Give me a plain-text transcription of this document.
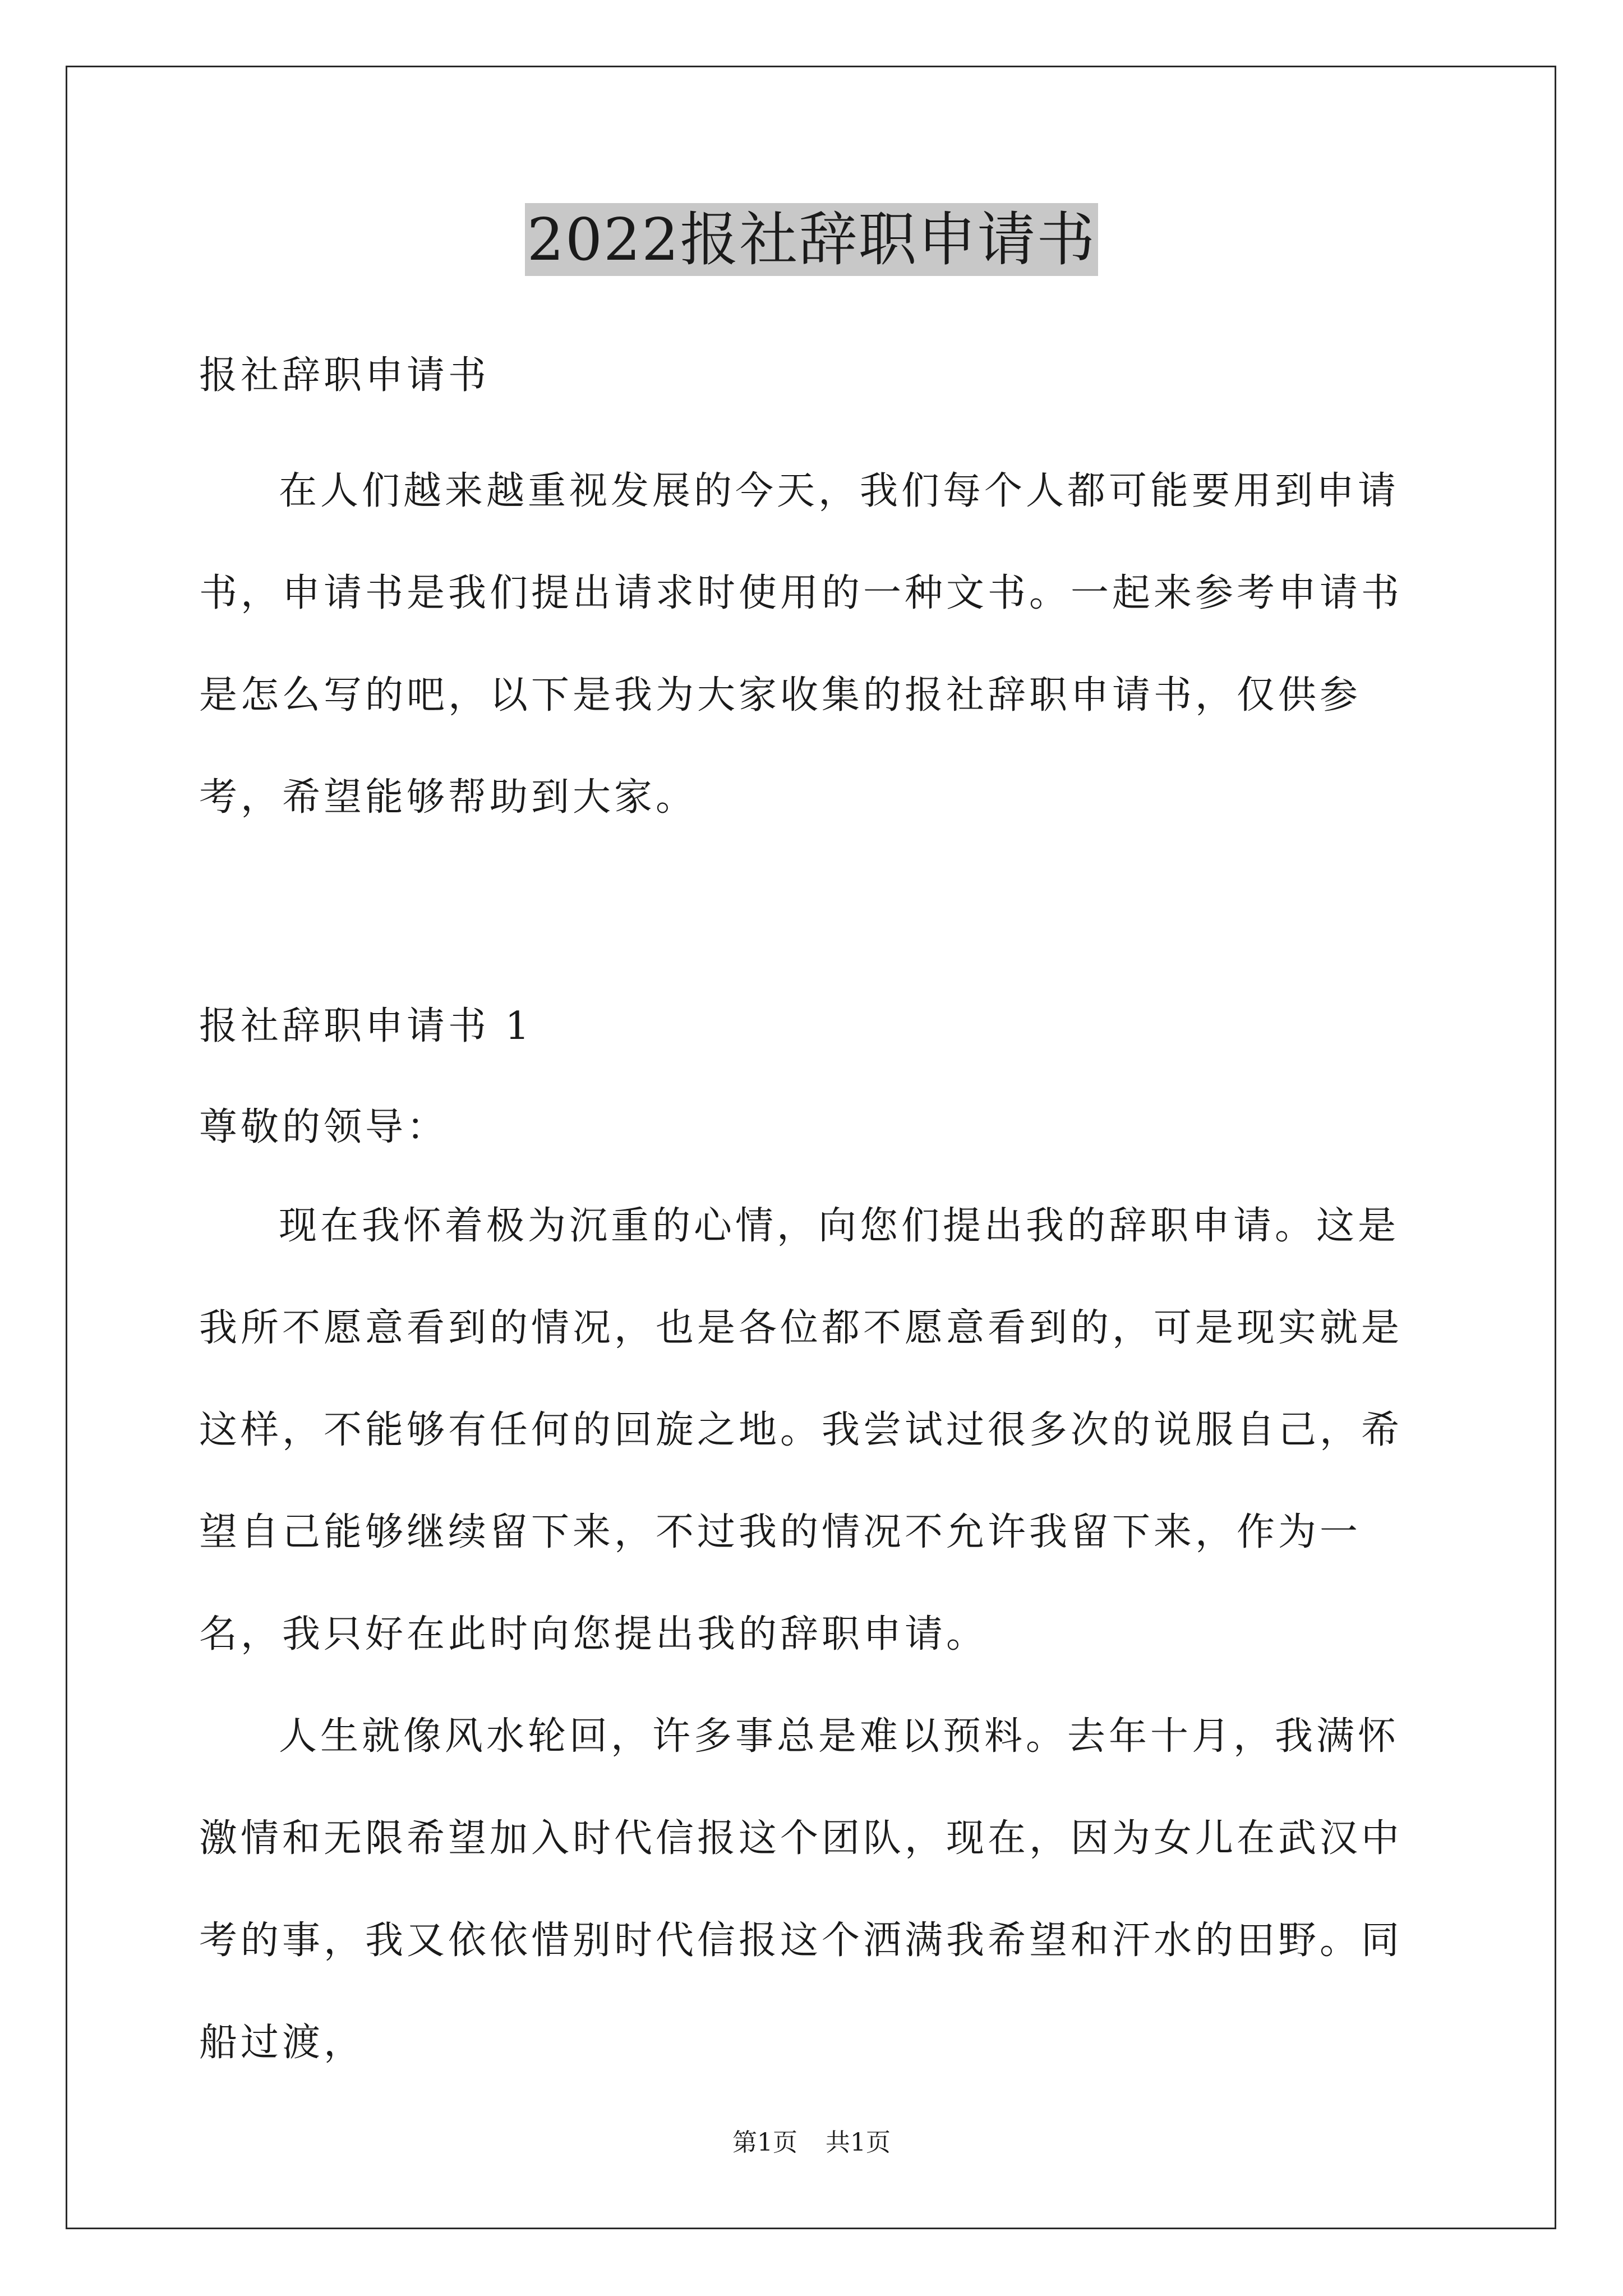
2022报社辞职申请书
报社辞职申请书
在人们越来越重视发展的今天，我们每个人都可能要用到申请书，申请书是我们提出请求时使用的一种文书。一起来参考申请书是怎么写的吧，以下是我为大家收集的报社辞职申请书，仅供参考，希望能够帮助到大家。
报社辞职申请书 1
尊敬的领导：
现在我怀着极为沉重的心情，向您们提出我的辞职申请。这是我所不愿意看到的情况，也是各位都不愿意看到的，可是现实就是这样，不能够有任何的回旋之地。我尝试过很多次的说服自己，希望自己能够继续留下来，不过我的情况不允许我留下来，作为一名，我只好在此时向您提出我的辞职申请。
人生就像风水轮回，许多事总是难以预料。去年十月，我满怀激情和无限希望加入时代信报这个团队，现在，因为女儿在武汉中考的事，我又依依惜别时代信报这个洒满我希望和汗水的田野。同船过渡，
第1页 共1页
